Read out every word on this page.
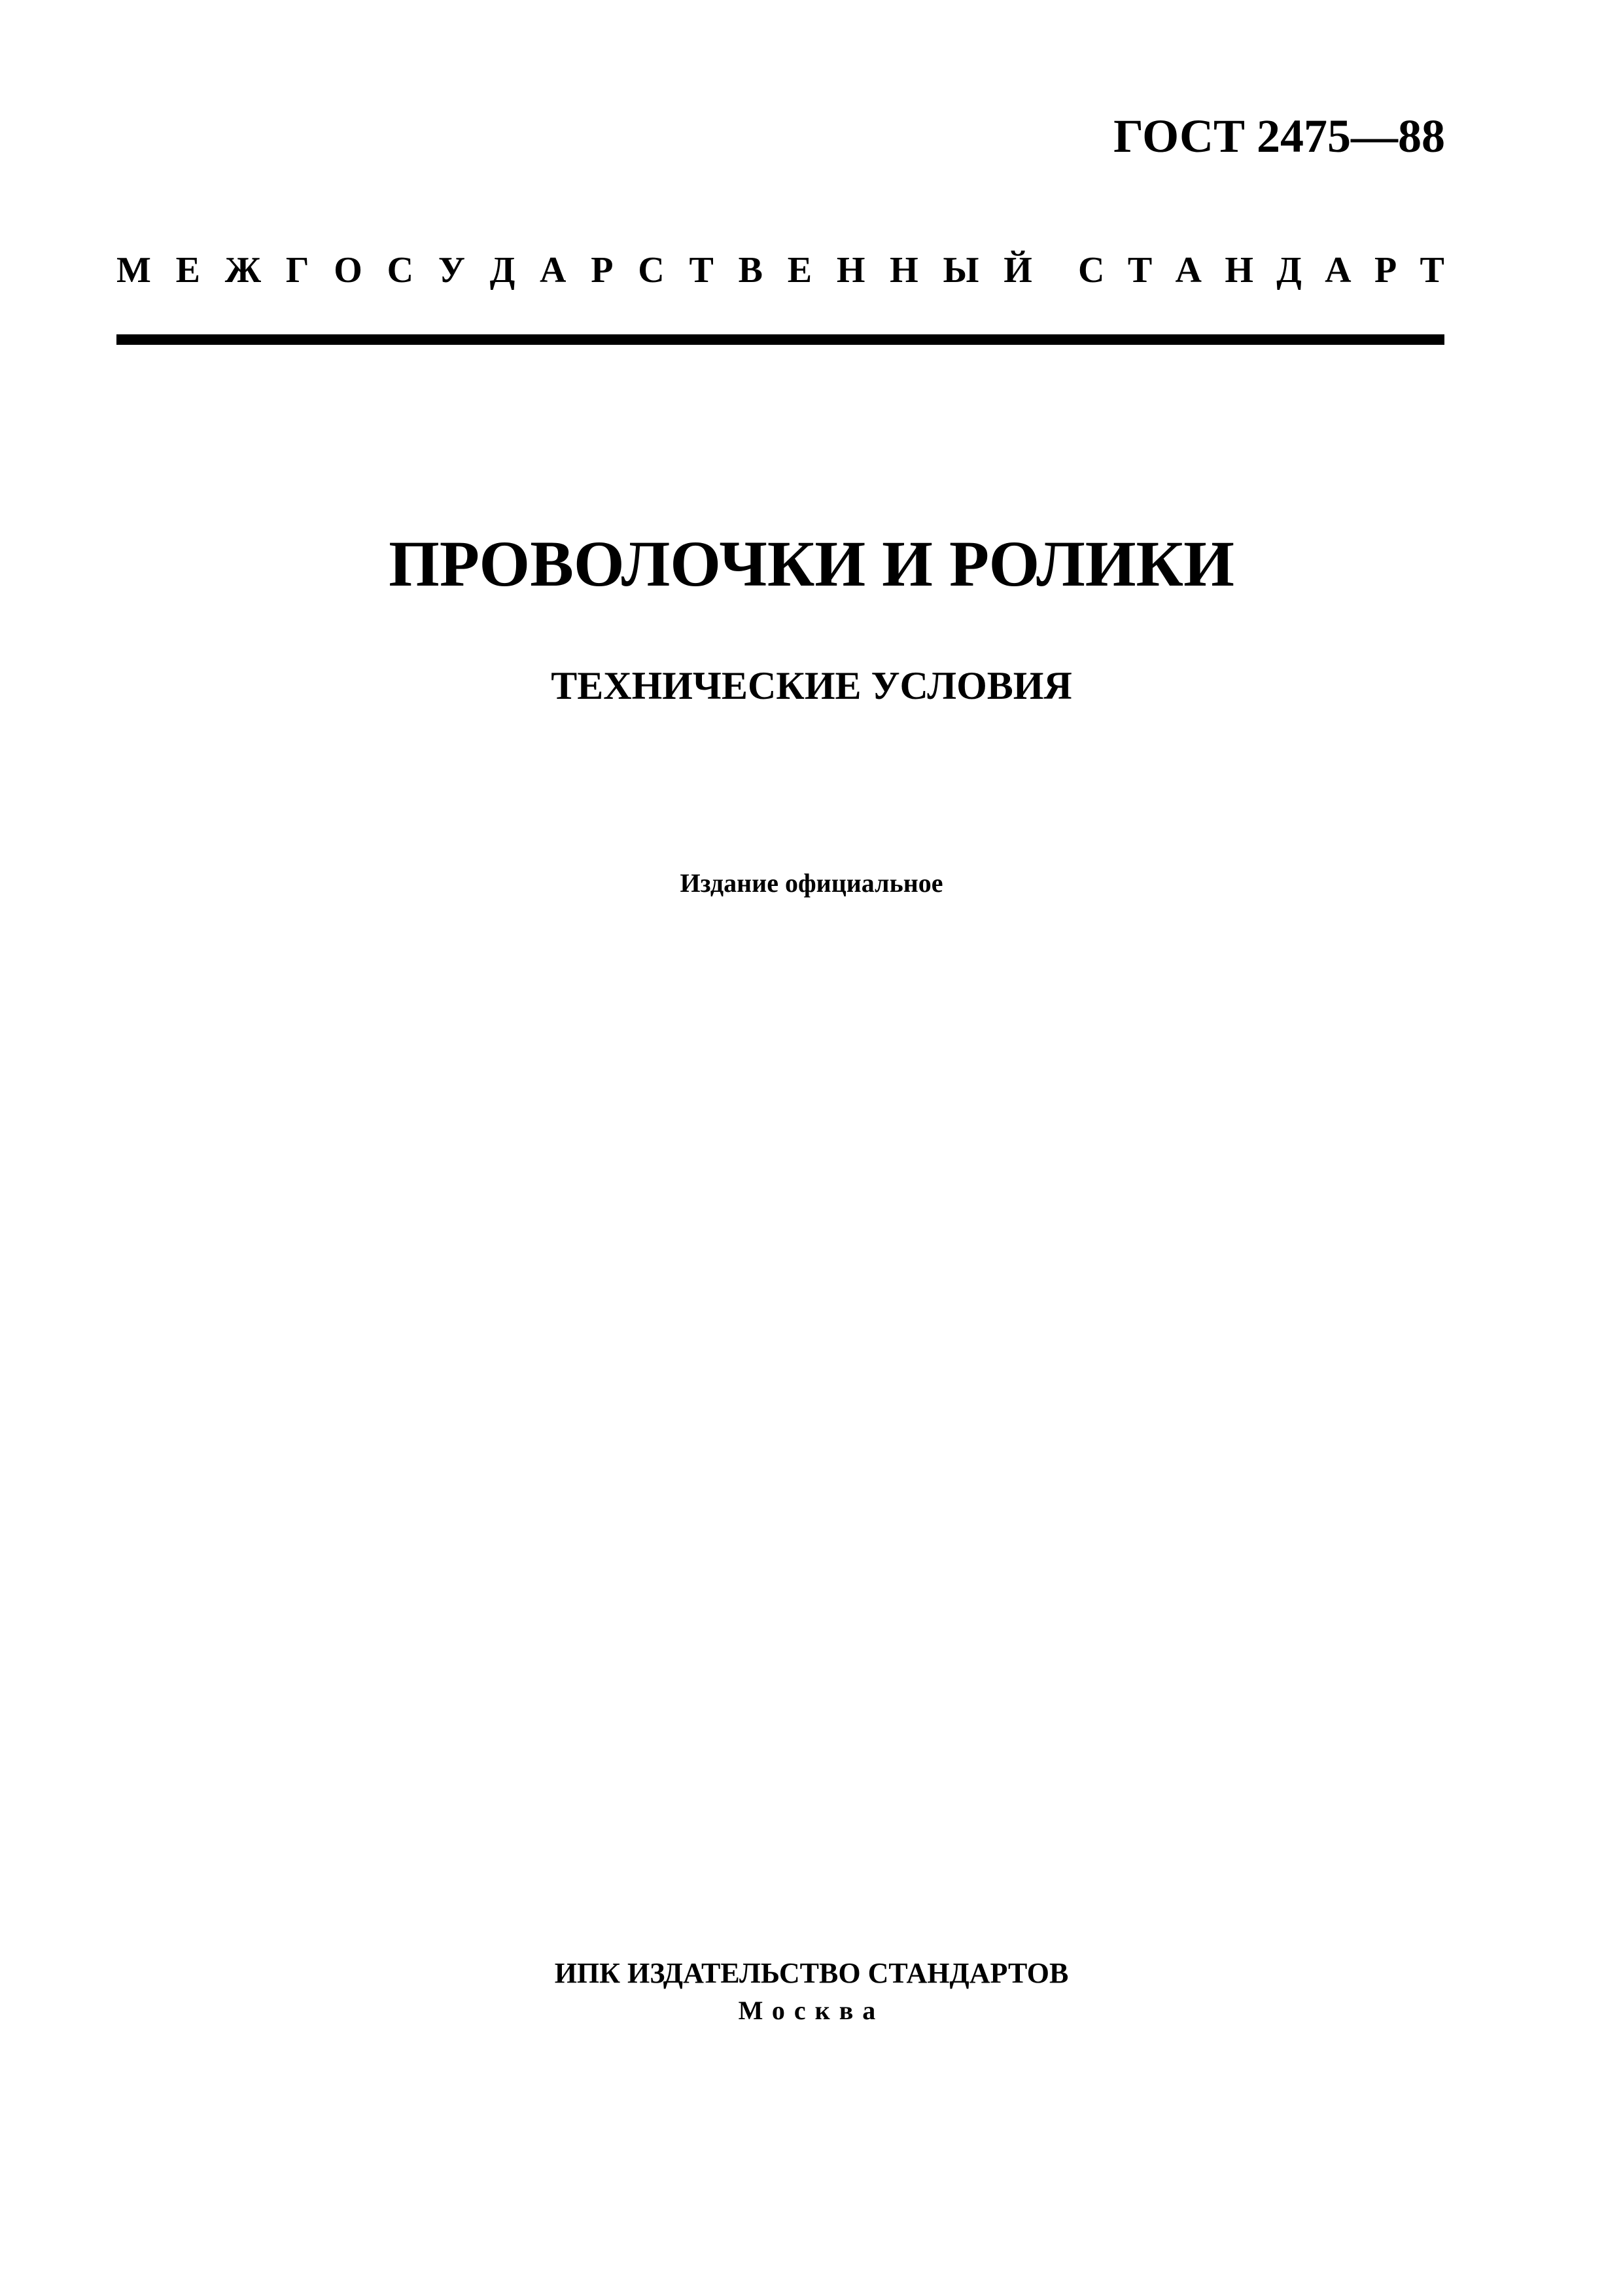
ГОСТ 2475—88
М Е Ж Г О С У Д А Р С Т В Е Н Н Ы Й С Т А Н Д А Р Т
ПРОВОЛОЧКИ И РОЛИКИ
ТЕХНИЧЕСКИЕ УСЛОВИЯ
Издание официальное
ИПК ИЗДАТЕЛЬСТВО СТАНДАРТОВ
Москва
